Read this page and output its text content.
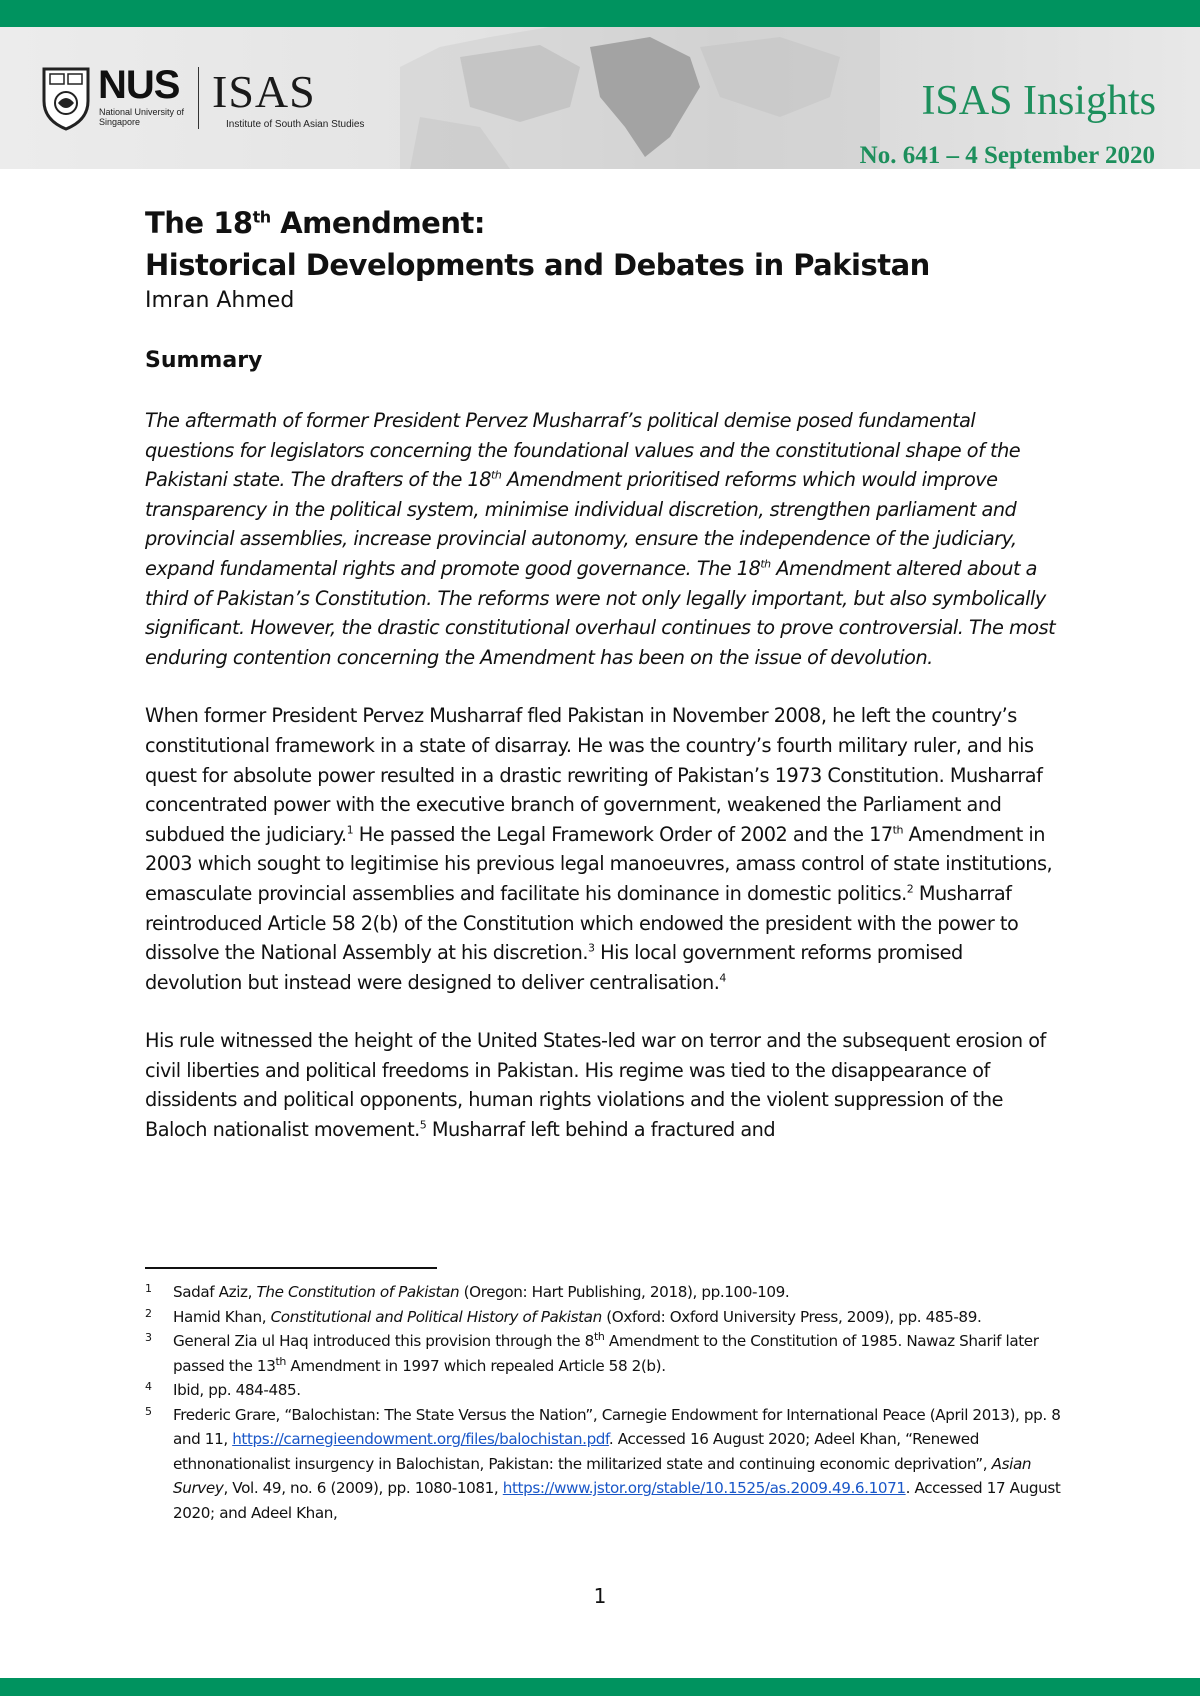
NUS
National University of Singapore
ISAS
Institute of South Asian Studies
ISAS Insights
No. 641 – 4 September 2020
The 18th Amendment:
Historical Developments and Debates in Pakistan
Imran Ahmed
Summary

The aftermath of former President Pervez Musharraf’s political demise posed fundamental questions for legislators concerning the foundational values and the constitutional shape of the Pakistani state. The drafters of the 18th Amendment prioritised reforms which would improve transparency in the political system, minimise individual discretion, strengthen parliament and provincial assemblies, increase provincial autonomy, ensure the independence of the judiciary, expand fundamental rights and promote good governance. The 18th Amendment altered about a third of Pakistan’s Constitution. The reforms were not only legally important, but also symbolically significant. However, the drastic constitutional overhaul continues to prove controversial. The most enduring contention concerning the Amendment has been on the issue of devolution.

When former President Pervez Musharraf fled Pakistan in November 2008, he left the country’s constitutional framework in a state of disarray. He was the country’s fourth military ruler, and his quest for absolute power resulted in a drastic rewriting of Pakistan’s 1973 Constitution. Musharraf concentrated power with the executive branch of government, weakened the Parliament and subdued the judiciary.$^1$ He passed the Legal Framework Order of 2002 and the 17th Amendment in 2003 which sought to legitimise his previous legal manoeuvres, amass control of state institutions, emasculate provincial assemblies and facilitate his dominance in domestic politics.$^2$ Musharraf reintroduced Article 58 2(b) of the Constitution which endowed the president with the power to dissolve the National Assembly at his discretion.$^3$ His local government reforms promised devolution but instead were designed to deliver centralisation.$^4$

His rule witnessed the height of the United States-led war on terror and the subsequent erosion of civil liberties and political freedoms in Pakistan. His regime was tied to the disappearance of dissidents and political opponents, human rights violations and the violent suppression of the Baloch nationalist movement.$^5$ Musharraf left behind a fractured and

1 Sadaf Aziz, The Constitution of Pakistan (Oregon: Hart Publishing, 2018), pp.100-109.
2 Hamid Khan, Constitutional and Political History of Pakistan (Oxford: Oxford University Press, 2009), pp. 485-89.
3 General Zia ul Haq introduced this provision through the 8th Amendment to the Constitution of 1985. Nawaz Sharif later passed the 13th Amendment in 1997 which repealed Article 58 2(b).
4 Ibid, pp. 484-485.
5 Frederic Grare, “Balochistan: The State Versus the Nation”, Carnegie Endowment for International Peace (April 2013), pp. 8 and 11, https://carnegieendowment.org/files/balochistan.pdf. Accessed 16 August 2020; Adeel Khan, “Renewed ethnonationalist insurgency in Balochistan, Pakistan: the militarized state and continuing economic deprivation”, Asian Survey, Vol. 49, no. 6 (2009), pp. 1080-1081, https://www.jstor.org/stable/10.1525/as.2009.49.6.1071. Accessed 17 August 2020; and Adeel Khan,
1
